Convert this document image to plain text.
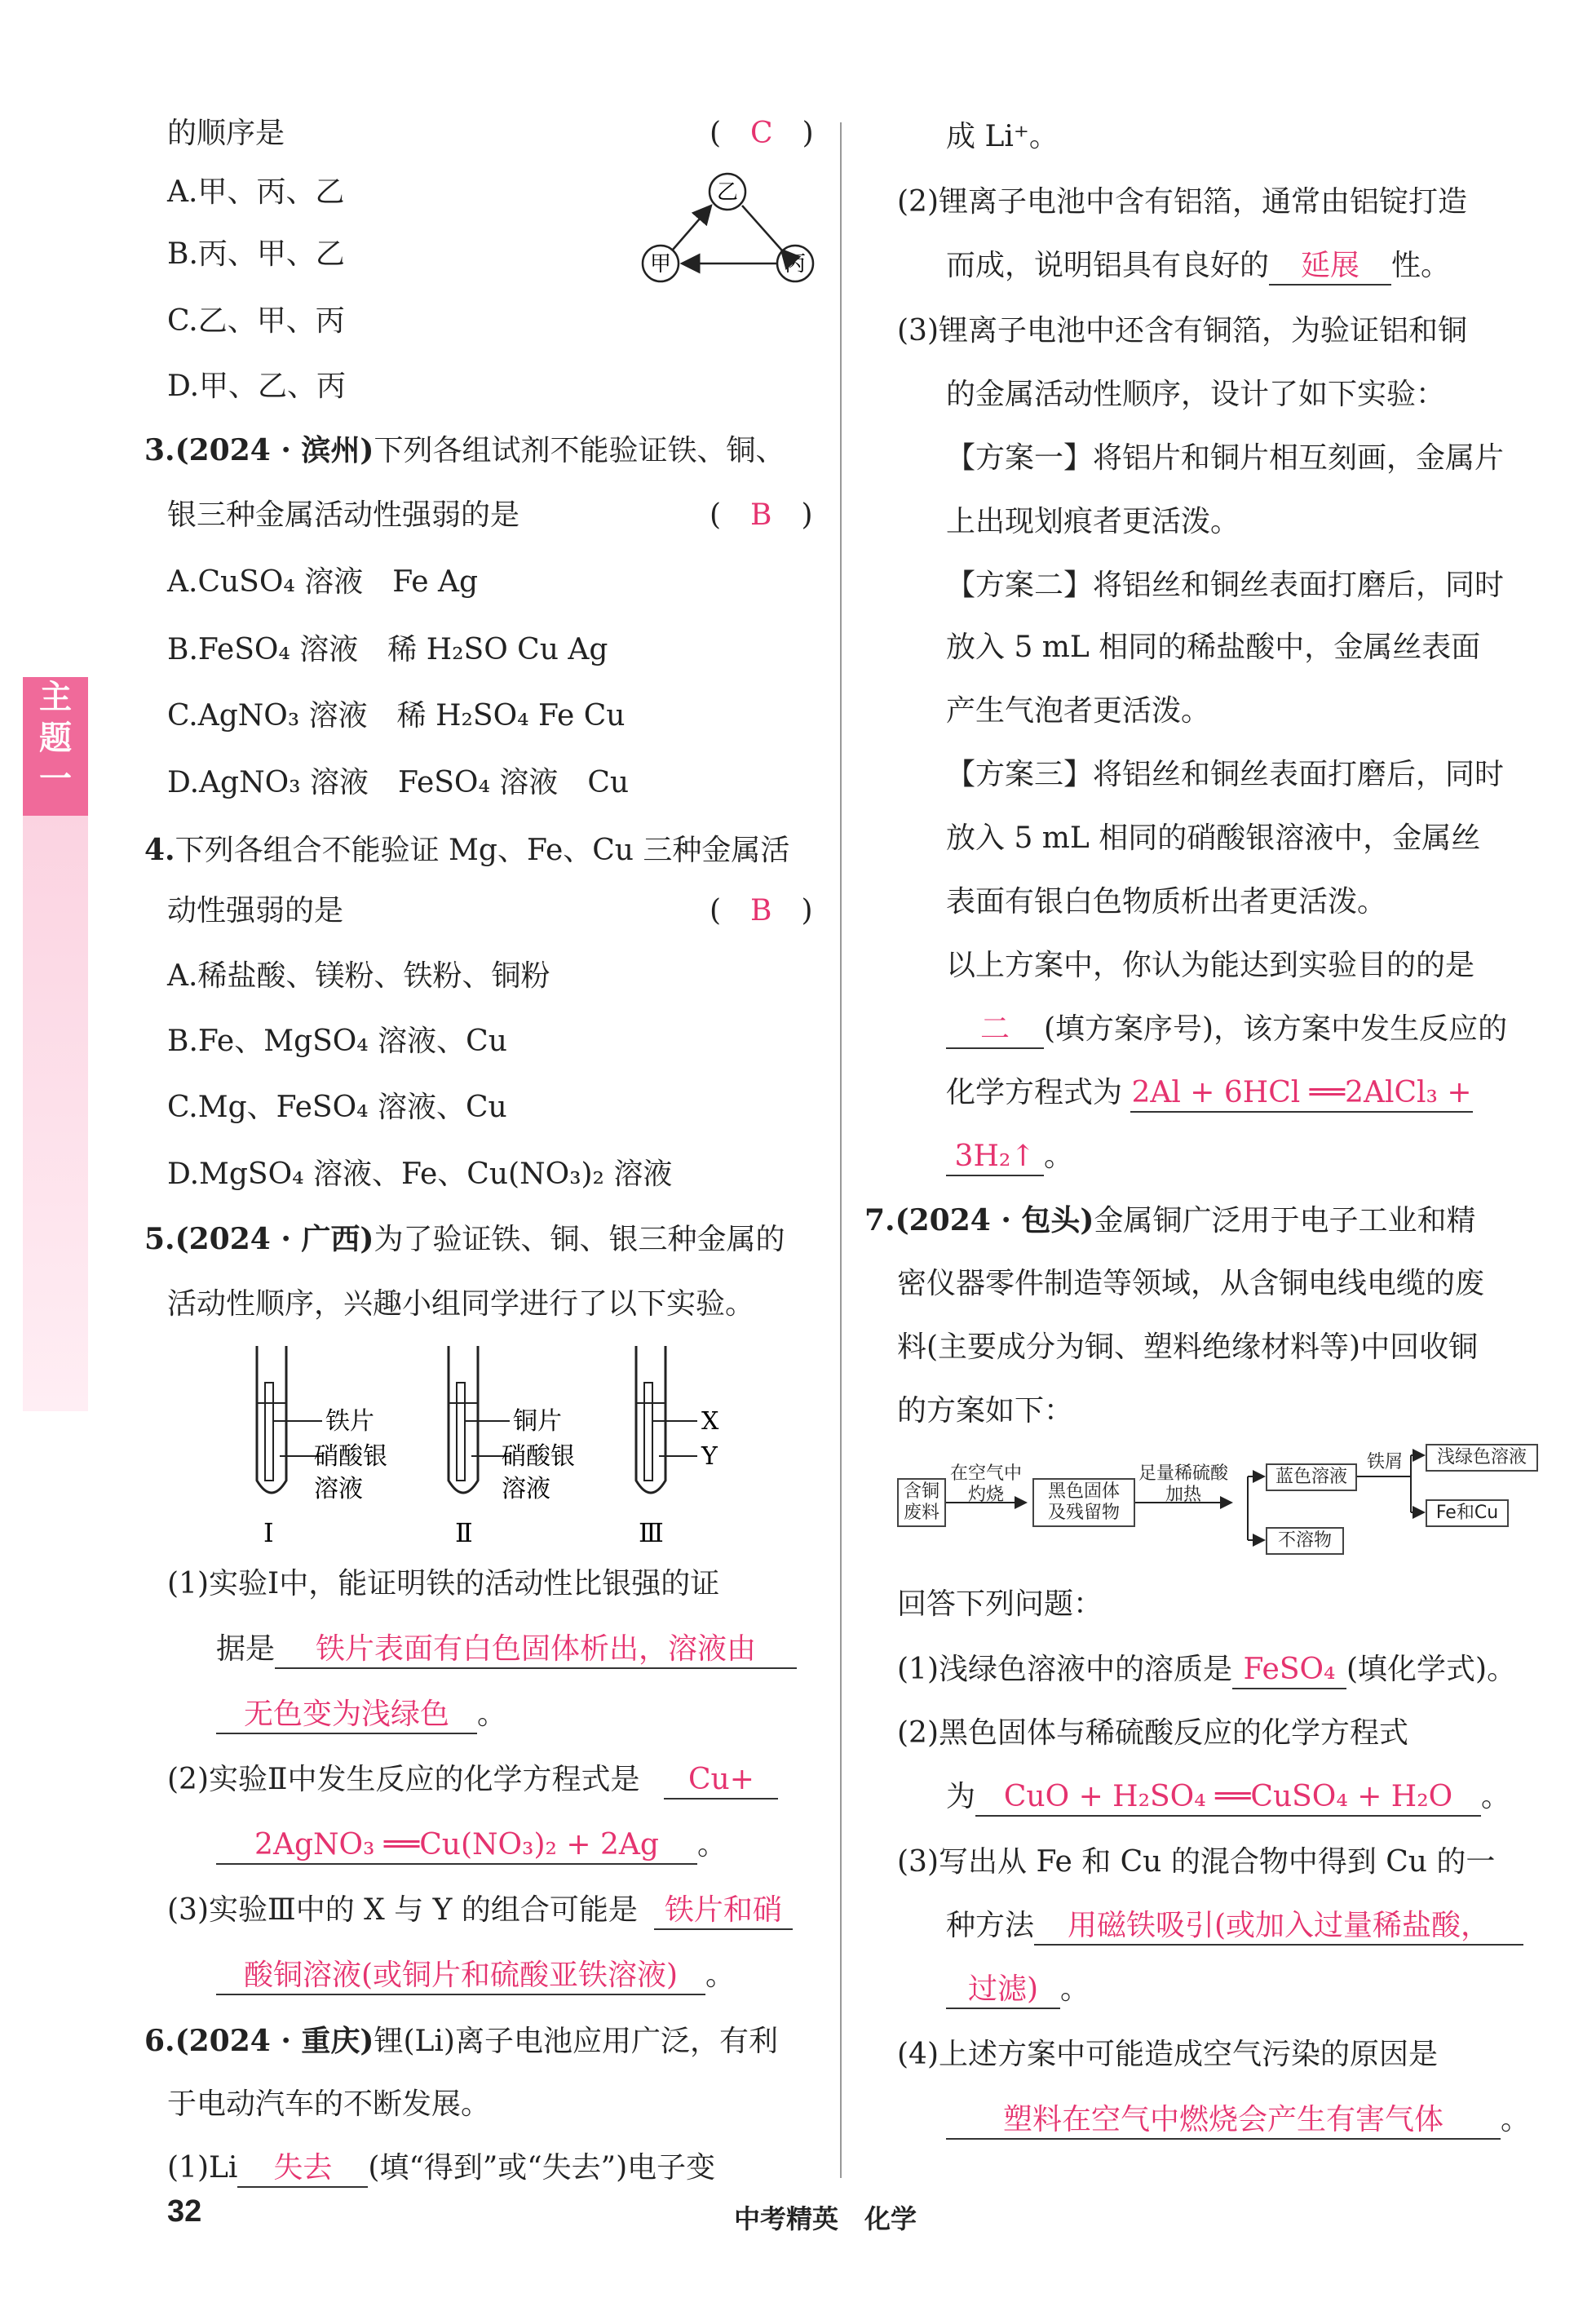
主
题
一
的顺序是	(　C　)
A.甲、丙、乙
B.丙、甲、乙
C.乙、甲、丙
D.甲、乙、丙
乙
甲	丙
3.(2024 · 滨州)下列各组试剂不能验证铁、铜、
银三种金属活动性强弱的是	(　B　)
A.CuSO₄ 溶液　Fe Ag
B.FeSO₄ 溶液　稀 H₂SO Cu Ag
C.AgNO₃ 溶液　稀 H₂SO₄ Fe Cu
D.AgNO₃ 溶液　FeSO₄ 溶液　Cu
4.下列各组合不能验证 Mg、Fe、Cu 三种金属活
动性强弱的是	(　B　)
A.稀盐酸、镁粉、铁粉、铜粉
B.Fe、MgSO₄ 溶液、Cu
C.Mg、FeSO₄ 溶液、Cu
D.MgSO₄ 溶液、Fe、Cu(NO₃)₂ 溶液
5.(2024 · 广西)为了验证铁、铜、银三种金属的
活动性顺序，兴趣小组同学进行了以下实验。
铁片
硝酸银
溶液
Ⅰ
铜片
硝酸银
溶液
Ⅱ
X
Y
Ⅲ
(1)实验Ⅰ中，能证明铁的活动性比银强的证
据是 铁片表面有白色固体析出，溶液由
无色变为浅绿色 。
(2)实验Ⅱ中发生反应的化学方程式是 Cu+
2AgNO₃ ══Cu(NO₃)₂ + 2Ag 。
(3)实验Ⅲ中的 X 与 Y 的组合可能是 铁片和硝
酸铜溶液(或铜片和硫酸亚铁溶液) 。
6.(2024 · 重庆)锂(Li)离子电池应用广泛，有利
于电动汽车的不断发展。
(1)Li 失去 (填“得到”或“失去”)电子变
成 Li⁺。
(2)锂离子电池中含有铝箔，通常由铝锭打造
而成，说明铝具有良好的 延展 性。
(3)锂离子电池中还含有铜箔，为验证铝和铜
的金属活动性顺序，设计了如下实验：
【方案一】将铝片和铜片相互刻画，金属片
上出现划痕者更活泼。
【方案二】将铝丝和铜丝表面打磨后，同时
放入 5 mL 相同的稀盐酸中，金属丝表面
产生气泡者更活泼。
【方案三】将铝丝和铜丝表面打磨后，同时
放入 5 mL 相同的硝酸银溶液中，金属丝
表面有银白色物质析出者更活泼。
以上方案中，你认为能达到实验目的的是
二 (填方案序号)，该方案中发生反应的
化学方程式为 2Al + 6HCl ══2AlCl₃ +
3H₂↑ 。
7.(2024 · 包头)金属铜广泛用于电子工业和精
密仪器零件制造等领域，从含铜电线电缆的废
料(主要成分为铜、塑料绝缘材料等)中回收铜
的方案如下：
含铜
废料
在空气中
灼烧	黑色固体
及残留物
足量稀硫酸
加热
蓝色溶液
不溶物
铁屑	浅绿色溶液
Fe和Cu
回答下列问题：
(1)浅绿色溶液中的溶质是 FeSO₄ (填化学式)。
(2)黑色固体与稀硫酸反应的化学方程式
为 CuO + H₂SO₄ ══CuSO₄ + H₂O 。
(3)写出从 Fe 和 Cu 的混合物中得到 Cu 的一
种方法 用磁铁吸引(或加入过量稀盐酸，
过滤) 。
(4)上述方案中可能造成空气污染的原因是
塑料在空气中燃烧会产生有害气体 。
32	中考精英　化学
